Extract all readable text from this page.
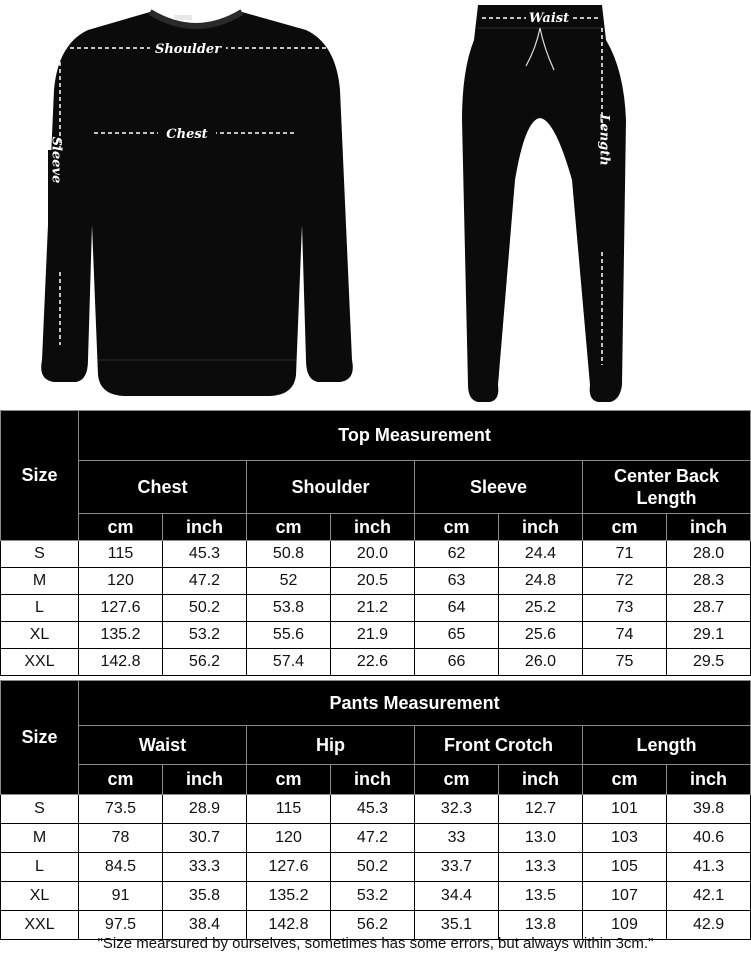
Shoulder
Chest
Sleeve
Waist
Length
Size	Top Measurement							
	Chest		Shoulder		Sleeve		Center Back Length	
	cm	inch	cm	inch	cm	inch	cm	inch
S	115	45.3	50.8	20.0	62	24.4	71	28.0
M	120	47.2	52	20.5	63	24.8	72	28.3
L	127.6	50.2	53.8	21.2	64	25.2	73	28.7
XL	135.2	53.2	55.6	21.9	65	25.6	74	29.1
XXL	142.8	56.2	57.4	22.6	66	26.0	75	29.5
Size	Pants Measurement							
	Waist		Hip		Front Crotch		Length	
	cm	inch	cm	inch	cm	inch	cm	inch
S	73.5	28.9	115	45.3	32.3	12.7	101	39.8
M	78	30.7	120	47.2	33	13.0	103	40.6
L	84.5	33.3	127.6	50.2	33.7	13.3	105	41.3
XL	91	35.8	135.2	53.2	34.4	13.5	107	42.1
XXL	97.5	38.4	142.8	56.2	35.1	13.8	109	42.9
"Size mearsured by ourselves, sometimes has some errors, but always within 3cm."
